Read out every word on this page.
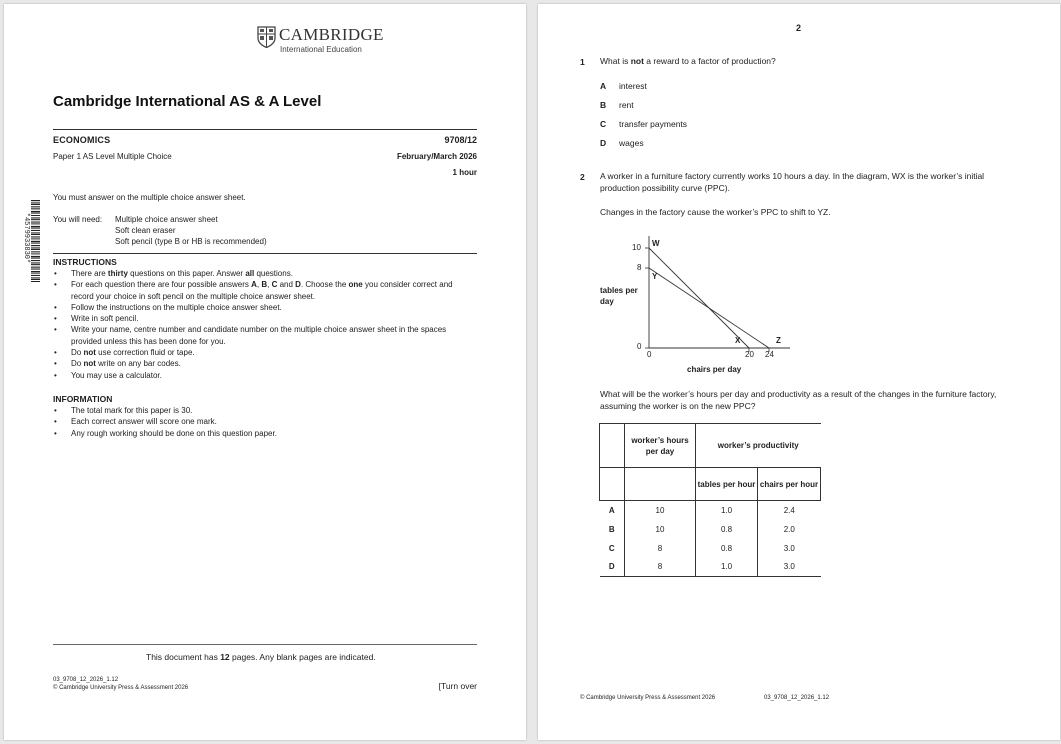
CAMBRIDGE
International Education
Cambridge International AS & A Level
ECONOMICS	9708/12
Paper 1 AS Level Multiple Choice	February/March 2026
1 hour
*4579933830*
You must answer on the multiple choice answer sheet.
You will need: Multiple choice answer sheet
Soft clean eraser
Soft pencil (type B or HB is recommended)
INSTRUCTIONS
• There are thirty questions on this paper. Answer all questions.
• For each question there are four possible answers A, B, C and D. Choose the one you consider correct and record your choice in soft pencil on the multiple choice answer sheet.
• Follow the instructions on the multiple choice answer sheet.
• Write in soft pencil.
• Write your name, centre number and candidate number on the multiple choice answer sheet in the spaces provided unless this has been done for you.
• Do not use correction fluid or tape.
• Do not write on any bar codes.
• You may use a calculator.
INFORMATION
• The total mark for this paper is 30.
• Each correct answer will score one mark.
• Any rough working should be done on this question paper.
This document has 12 pages. Any blank pages are indicated.
03_9708_12_2026_1.12
© Cambridge University Press & Assessment 2026	[Turn over
2
1 What is not a reward to a factor of production?
A interest
B rent
C transfer payments
D wages
2 A worker in a furniture factory currently works 10 hours a day. In the diagram, WX is the worker’s initial production possibility curve (PPC).
Changes in the factory cause the worker’s PPC to shift to YZ.
tables per day
10
8
0
0	20 24
W
Y
X	Z
chairs per day
What will be the worker’s hours per day and productivity as a result of the changes in the furniture factory, assuming the worker is on the new PPC?
	worker’s hours per day	worker’s productivity	
		tables per hour	chairs per hour
A	10	1.0	2.4
B	10	0.8	2.0
C	8	0.8	3.0
D	8	1.0	3.0
© Cambridge University Press & Assessment 2026	03_9708_12_2026_1.12
